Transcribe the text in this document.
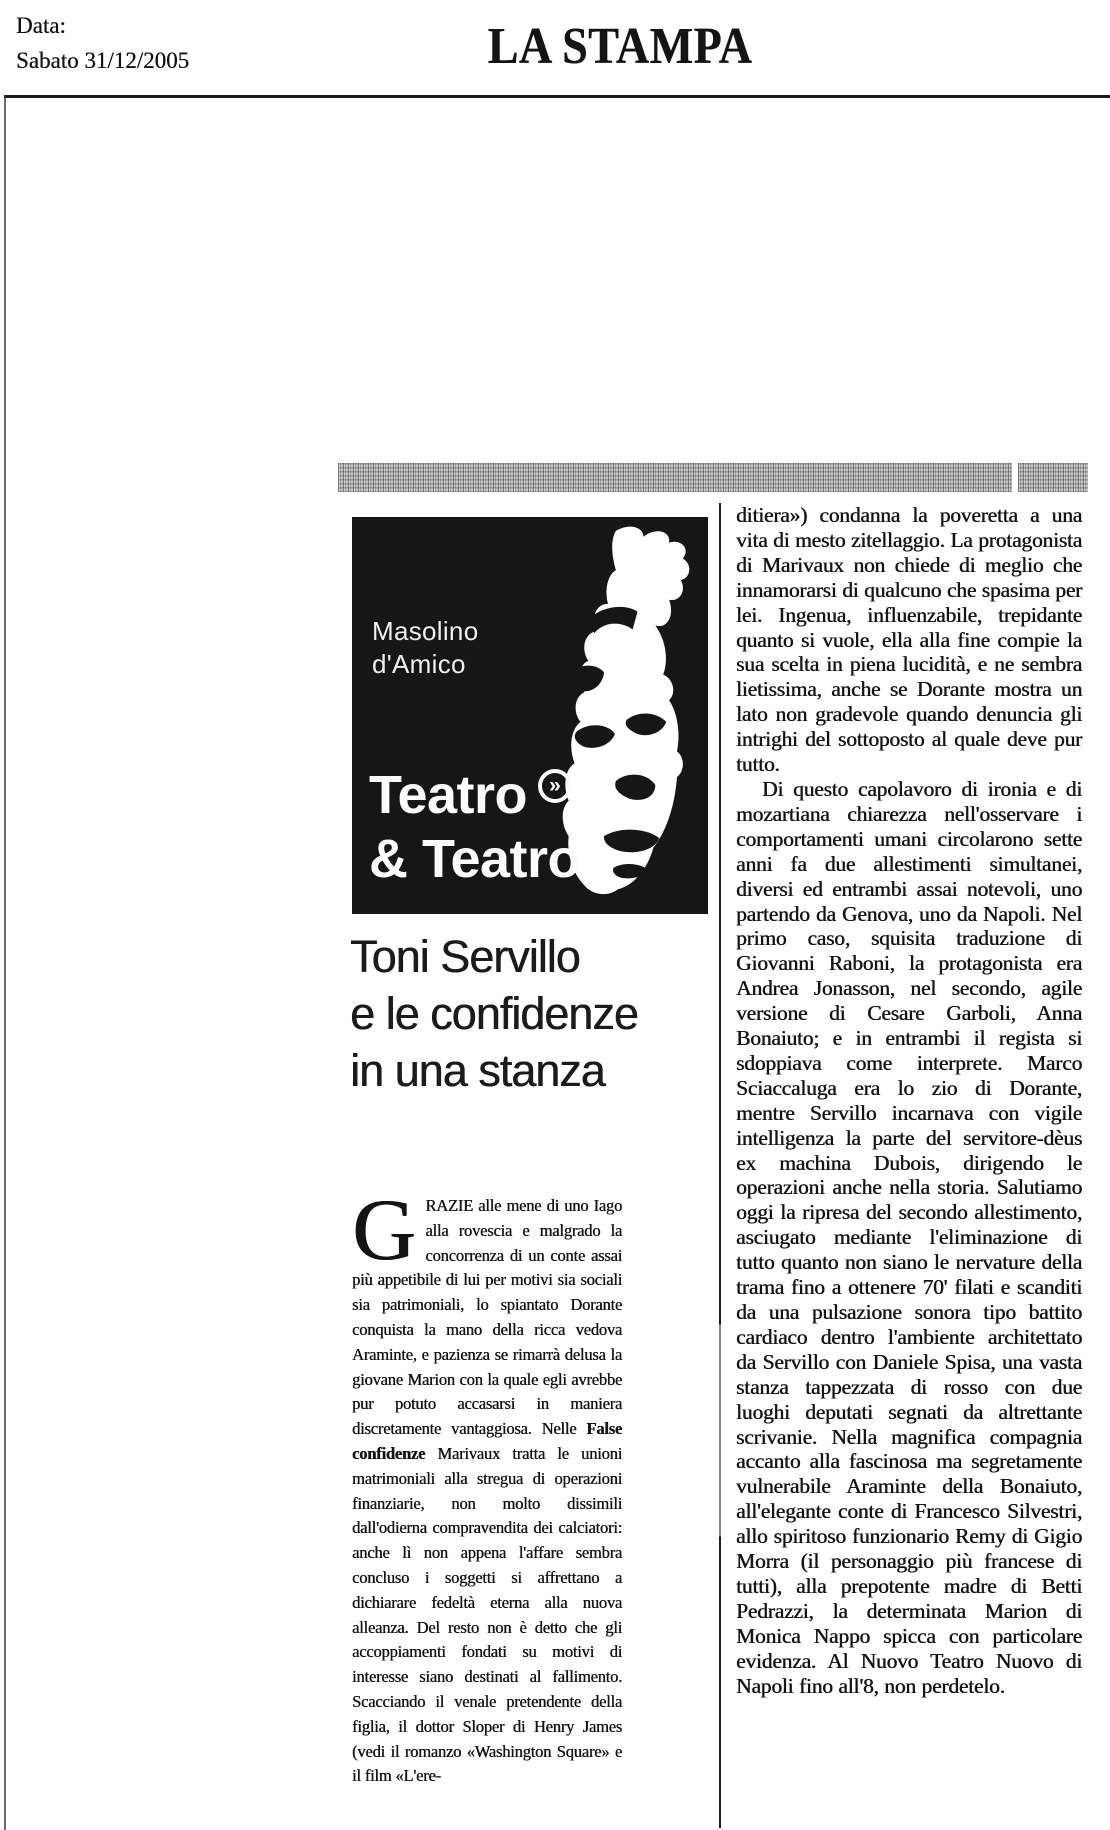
Data:
Sabato 31/12/2005	LA STAMPA
Masolino
d'Amico
Teatro
& Teatro
»
Toni Servillo
e le confidenze
in una stanza
GRAZIE alle mene di uno Iago alla rovescia e malgrado la concorrenza di un conte assai più appetibile di lui per motivi sia sociali sia patrimoniali, lo spiantato Dorante conquista la mano della ricca vedova Araminte, e pazienza se rimarrà delusa la giovane Marion con la quale egli avrebbe pur potuto accasarsi in maniera discretamente vantaggiosa. Nelle False confidenze Marivaux tratta le unioni matrimoniali alla stregua di operazioni finanziarie, non molto dissimili dall'odierna compravendita dei calciatori: anche lì non appena l'affare sembra concluso i soggetti si affrettano a dichiarare fedeltà eterna alla nuova alleanza. Del resto non è detto che gli accoppiamenti fondati su motivi di interesse siano destinati al fallimento. Scacciando il venale pretendente della figlia, il dottor Sloper di Henry James (vedi il romanzo «Washington Square» e il film «L'ere-

ditiera») condanna la poveretta a una vita di mesto zitellaggio. La protagonista di Marivaux non chiede di meglio che innamorarsi di qualcuno che spasima per lei. Ingenua, influenzabile, trepidante quanto si vuole, ella alla fine compie la sua scelta in piena lucidità, e ne sembra lietissima, anche se Dorante mostra un lato non gradevole quando denuncia gli intrighi del sottoposto al quale deve pur tutto.

Di questo capolavoro di ironia e di mozartiana chiarezza nell'osservare i comportamenti umani circolarono sette anni fa due allestimenti simultanei, diversi ed entrambi assai notevoli, uno partendo da Genova, uno da Napoli. Nel primo caso, squisita traduzione di Giovanni Raboni, la protagonista era Andrea Jonasson, nel secondo, agile versione di Cesare Garboli, Anna Bonaiuto; e in entrambi il regista si sdoppiava come interprete. Marco Sciaccaluga era lo zio di Dorante, mentre Servillo incarnava con vigile intelligenza la parte del servitore-dèus ex machina Dubois, dirigendo le operazioni anche nella storia. Salutiamo oggi la ripresa del secondo allestimento, asciugato mediante l'eliminazione di tutto quanto non siano le nervature della trama fino a ottenere 70' filati e scanditi da una pulsazione sonora tipo battito cardiaco dentro l'ambiente architettato da Servillo con Daniele Spisa, una vasta stanza tappezzata di rosso con due luoghi deputati segnati da altrettante scrivanie. Nella magnifica compagnia accanto alla fascinosa ma segretamente vulnerabile Araminte della Bonaiuto, all'elegante conte di Francesco Silvestri, allo spiritoso funzionario Remy di Gigio Morra (il personaggio più francese di tutti), alla prepotente madre di Betti Pedrazzi, la determinata Marion di Monica Nappo spicca con particolare evidenza. Al Nuovo Teatro Nuovo di Napoli fino all'8, non perdetelo.
